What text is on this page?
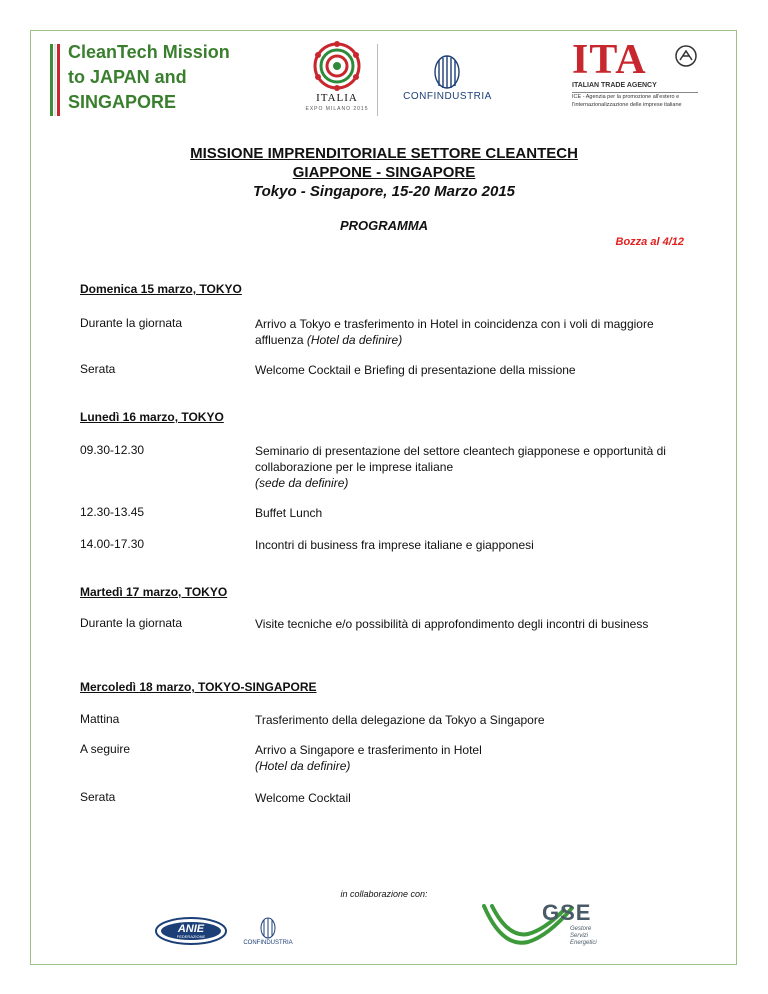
CleanTech Mission
to JAPAN and
SINGAPORE	ITALIA
EXPO MILANO 2015
CONFINDUSTRIA
ITA
ITALIAN TRADE AGENCY
ICE - Agenzia per la promozione all'estero e
l'internazionalizzazione delle imprese italiane
MISSIONE IMPRENDITORIALE SETTORE CLEANTECH
GIAPPONE - SINGAPORE
Tokyo - Singapore, 15-20 Marzo 2015
PROGRAMMA
Bozza al 4/12
Domenica 15 marzo, TOKYO
Durante la giornata	Arrivo a Tokyo e trasferimento in Hotel in coincidenza con i voli di maggiore affluenza (Hotel da definire)
Serata	Welcome Cocktail e Briefing di presentazione della missione
Lunedì 16 marzo, TOKYO
09.30-12.30	Seminario di presentazione del settore cleantech giapponese e opportunità di collaborazione per le imprese italiane
(sede da definire)
12.30-13.45	Buffet Lunch
14.00-17.30	Incontri di business fra imprese italiane e giapponesi
Martedì 17 marzo, TOKYO
Durante la giornata	Visite tecniche e/o possibilità di approfondimento degli incontri di business
Mercoledì 18 marzo, TOKYO-SINGAPORE
Mattina	Trasferimento della delegazione da Tokyo a Singapore
A seguire	Arrivo a Singapore e trasferimento in Hotel
(Hotel da definire)
Serata	Welcome Cocktail
in collaborazione con:
ANIE
FEDERAZIONE
CONFINDUSTRIA
GSE
Gestore
Servizi
Energetici
